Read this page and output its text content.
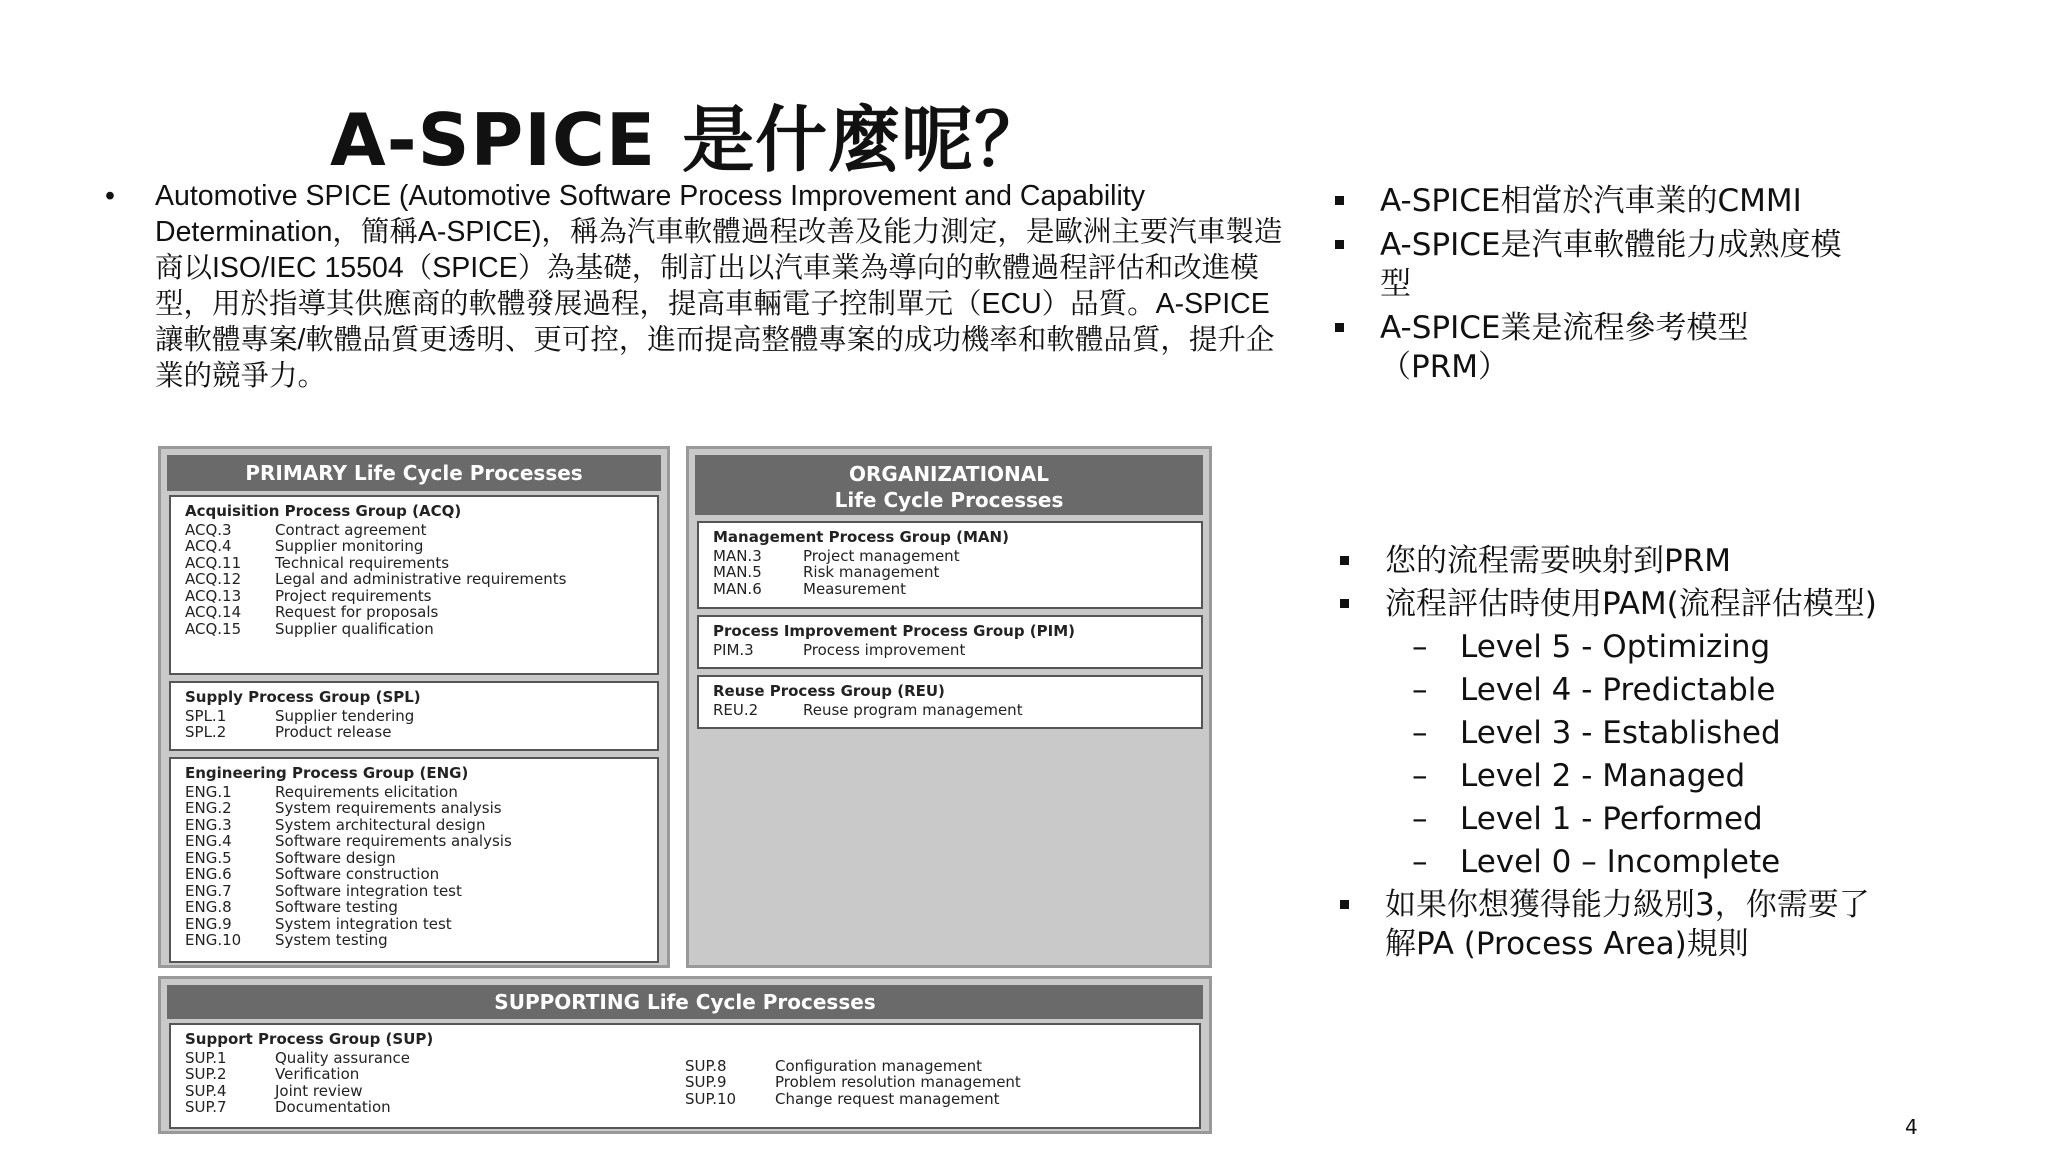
A-SPICE 是什麼呢？
• Automotive SPICE (Automotive Software Process Improvement and Capability Determination，簡稱A-SPICE)，稱為汽車軟體過程改善及能力測定，是歐洲主要汽車製造商以ISO/IEC 15504（SPICE）為基礎，制訂出以汽車業為導向的軟體過程評估和改進模型，用於指導其供應商的軟體發展過程，提高車輛電子控制單元（ECU）品質。A-SPICE讓軟體專案/軟體品質更透明、更可控，進而提高整體專案的成功機率和軟體品質，提升企業的競爭力。
A-SPICE相當於汽車業的CMMI
A-SPICE是汽車軟體能力成熟度模型
A-SPICE業是流程參考模型（PRM）
您的流程需要映射到PRM
流程評估時使用PAM(流程評估模型)
– Level 5 - Optimizing
– Level 4 - Predictable
– Level 3 - Established
– Level 2 - Managed
– Level 1 - Performed
– Level 0 – Incomplete
如果你想獲得能力級別3，你需要了解PA (Process Area)規則
PRIMARY Life Cycle Processes
Acquisition Process Group (ACQ)
ACQ.3	Contract agreement
ACQ.4	Supplier monitoring
ACQ.11	Technical requirements
ACQ.12	Legal and administrative requirements
ACQ.13	Project requirements
ACQ.14	Request for proposals
ACQ.15	Supplier qualification
Supply Process Group (SPL)
SPL.1	Supplier tendering
SPL.2	Product release
Engineering Process Group (ENG)
ENG.1	Requirements elicitation
ENG.2	System requirements analysis
ENG.3	System architectural design
ENG.4	Software requirements analysis
ENG.5	Software design
ENG.6	Software construction
ENG.7	Software integration test
ENG.8	Software testing
ENG.9	System integration test
ENG.10	System testing
ORGANIZATIONAL
Life Cycle Processes
Management Process Group (MAN)
MAN.3	Project management
MAN.5	Risk management
MAN.6	Measurement
Process Improvement Process Group (PIM)
PIM.3	Process improvement
Reuse Process Group (REU)
REU.2	Reuse program management
SUPPORTING Life Cycle Processes
Support Process Group (SUP)
SUP.1	Quality assurance
SUP.2	Verification
SUP.4	Joint review
SUP.7	Documentation
SUP.8	Configuration management
SUP.9	Problem resolution management
SUP.10	Change request management
4
